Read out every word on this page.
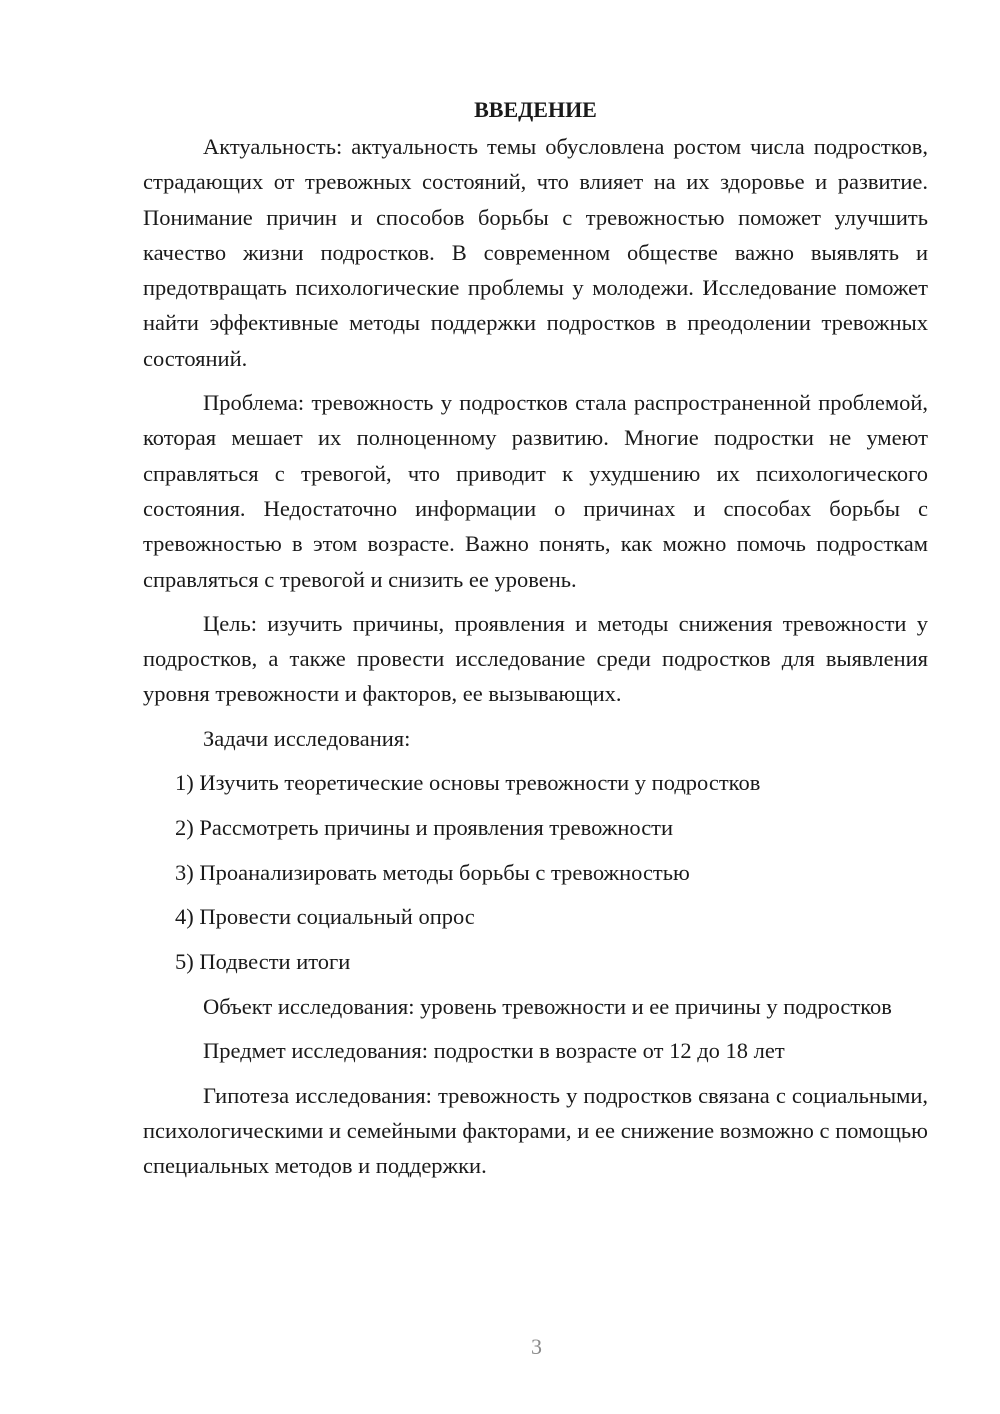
ВВЕДЕНИЕ

Актуальность: актуальность темы обусловлена ростом числа подростков, страдающих от тревожных состояний, что влияет на их здоровье и развитие. Понимание причин и способов борьбы с тревожностью поможет улучшить качество жизни подростков. В современном обществе важно выявлять и предотвращать психологические проблемы у молодежи. Исследование поможет найти эффективные методы поддержки подростков в преодолении тревожных состояний.

Проблема: тревожность у подростков стала распространенной проблемой, которая мешает их полноценному развитию. Многие подростки не умеют справляться с тревогой, что приводит к ухудшению их психологического состояния. Недостаточно информации о причинах и способах борьбы с тревожностью в этом возрасте. Важно понять, как можно помочь подросткам справляться с тревогой и снизить ее уровень.

Цель: изучить причины, проявления и методы снижения тревожности у подростков, а также провести исследование среди подростков для выявления уровня тревожности и факторов, ее вызывающих.

Задачи исследования:

1) Изучить теоретические основы тревожности у подростков
2) Рассмотреть причины и проявления тревожности
3) Проанализировать методы борьбы с тревожностью
4) Провести социальный опрос
5) Подвести итоги

Объект исследования: уровень тревожности и ее причины у подростков

Предмет исследования: подростки в возрасте от 12 до 18 лет

Гипотеза исследования: тревожность у подростков связана с социальными, психологическими и семейными факторами, и ее снижение возможно с помощью специальных методов и поддержки.

3
